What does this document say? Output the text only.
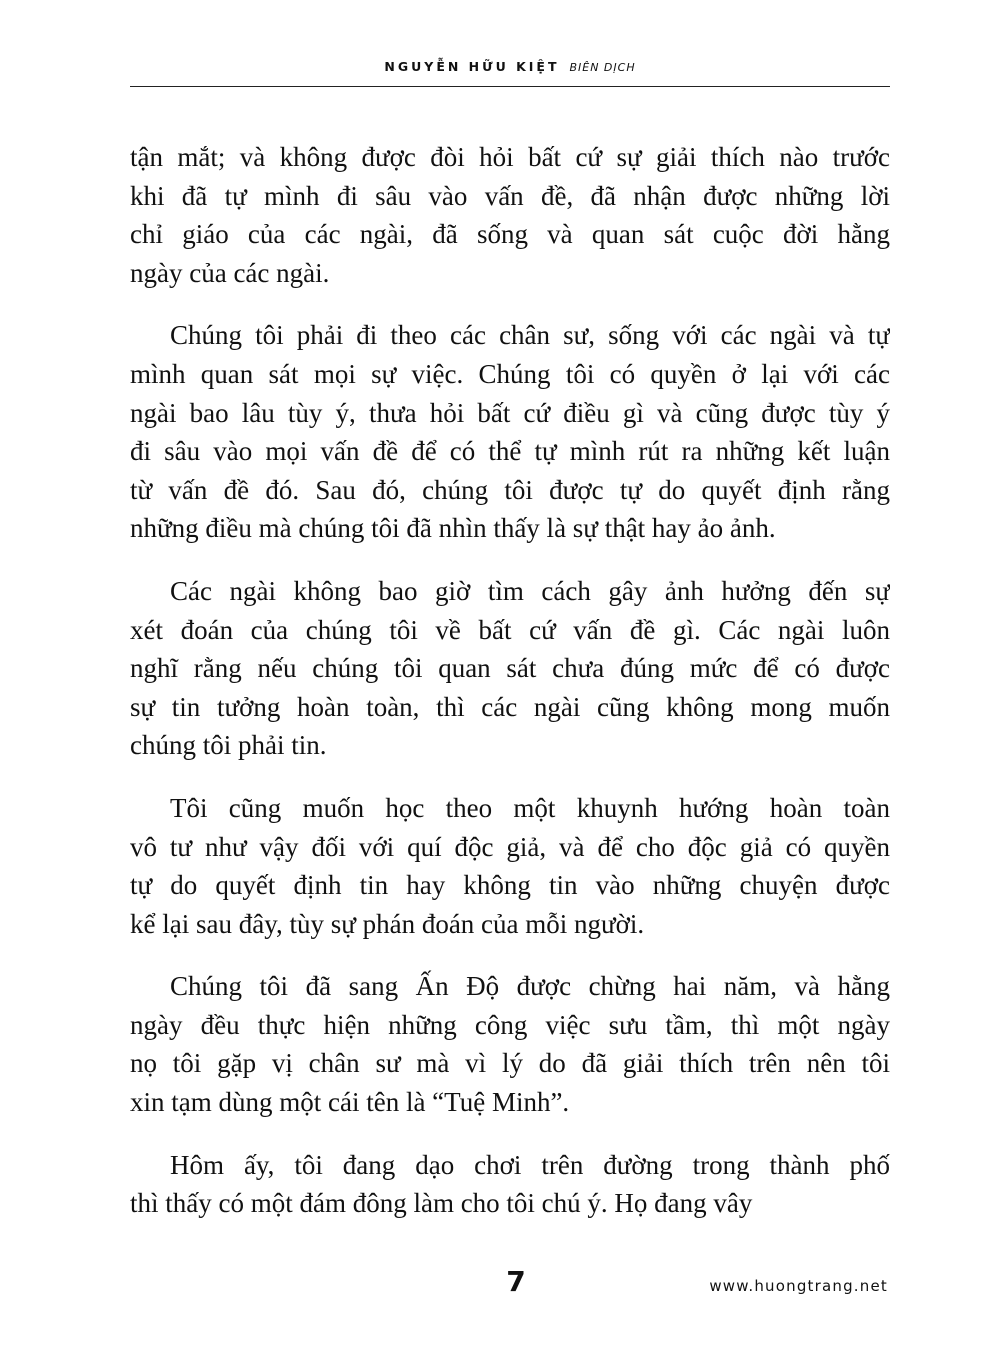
NGUYỄN HỮU KIỆT BIÊN DỊCH
tận mắt; và không được đòi hỏi bất cứ sự giải thích nào trước
khi đã tự mình đi sâu vào vấn đề, đã nhận được những lời
chỉ giáo của các ngài, đã sống và quan sát cuộc đời hằng
ngày của các ngài.
Chúng tôi phải đi theo các chân sư, sống với các ngài và tự
mình quan sát mọi sự việc. Chúng tôi có quyền ở lại với các
ngài bao lâu tùy ý, thưa hỏi bất cứ điều gì và cũng được tùy ý
đi sâu vào mọi vấn đề để có thể tự mình rút ra những kết luận
từ vấn đề đó. Sau đó, chúng tôi được tự do quyết định rằng
những điều mà chúng tôi đã nhìn thấy là sự thật hay ảo ảnh.
Các ngài không bao giờ tìm cách gây ảnh hưởng đến sự
xét đoán của chúng tôi về bất cứ vấn đề gì. Các ngài luôn
nghĩ rằng nếu chúng tôi quan sát chưa đúng mức để có được
sự tin tưởng hoàn toàn, thì các ngài cũng không mong muốn
chúng tôi phải tin.
Tôi cũng muốn học theo một khuynh hướng hoàn toàn
vô tư như vậy đối với quí độc giả, và để cho độc giả có quyền
tự do quyết định tin hay không tin vào những chuyện được
kể lại sau đây, tùy sự phán đoán của mỗi người.
Chúng tôi đã sang Ấn Độ được chừng hai năm, và hằng
ngày đều thực hiện những công việc sưu tầm, thì một ngày
nọ tôi gặp vị chân sư mà vì lý do đã giải thích trên nên tôi
xin tạm dùng một cái tên là “Tuệ Minh”.
Hôm ấy, tôi đang dạo chơi trên đường trong thành phố
thì thấy có một đám đông làm cho tôi chú ý. Họ đang vây
7	www.huongtrang.net
